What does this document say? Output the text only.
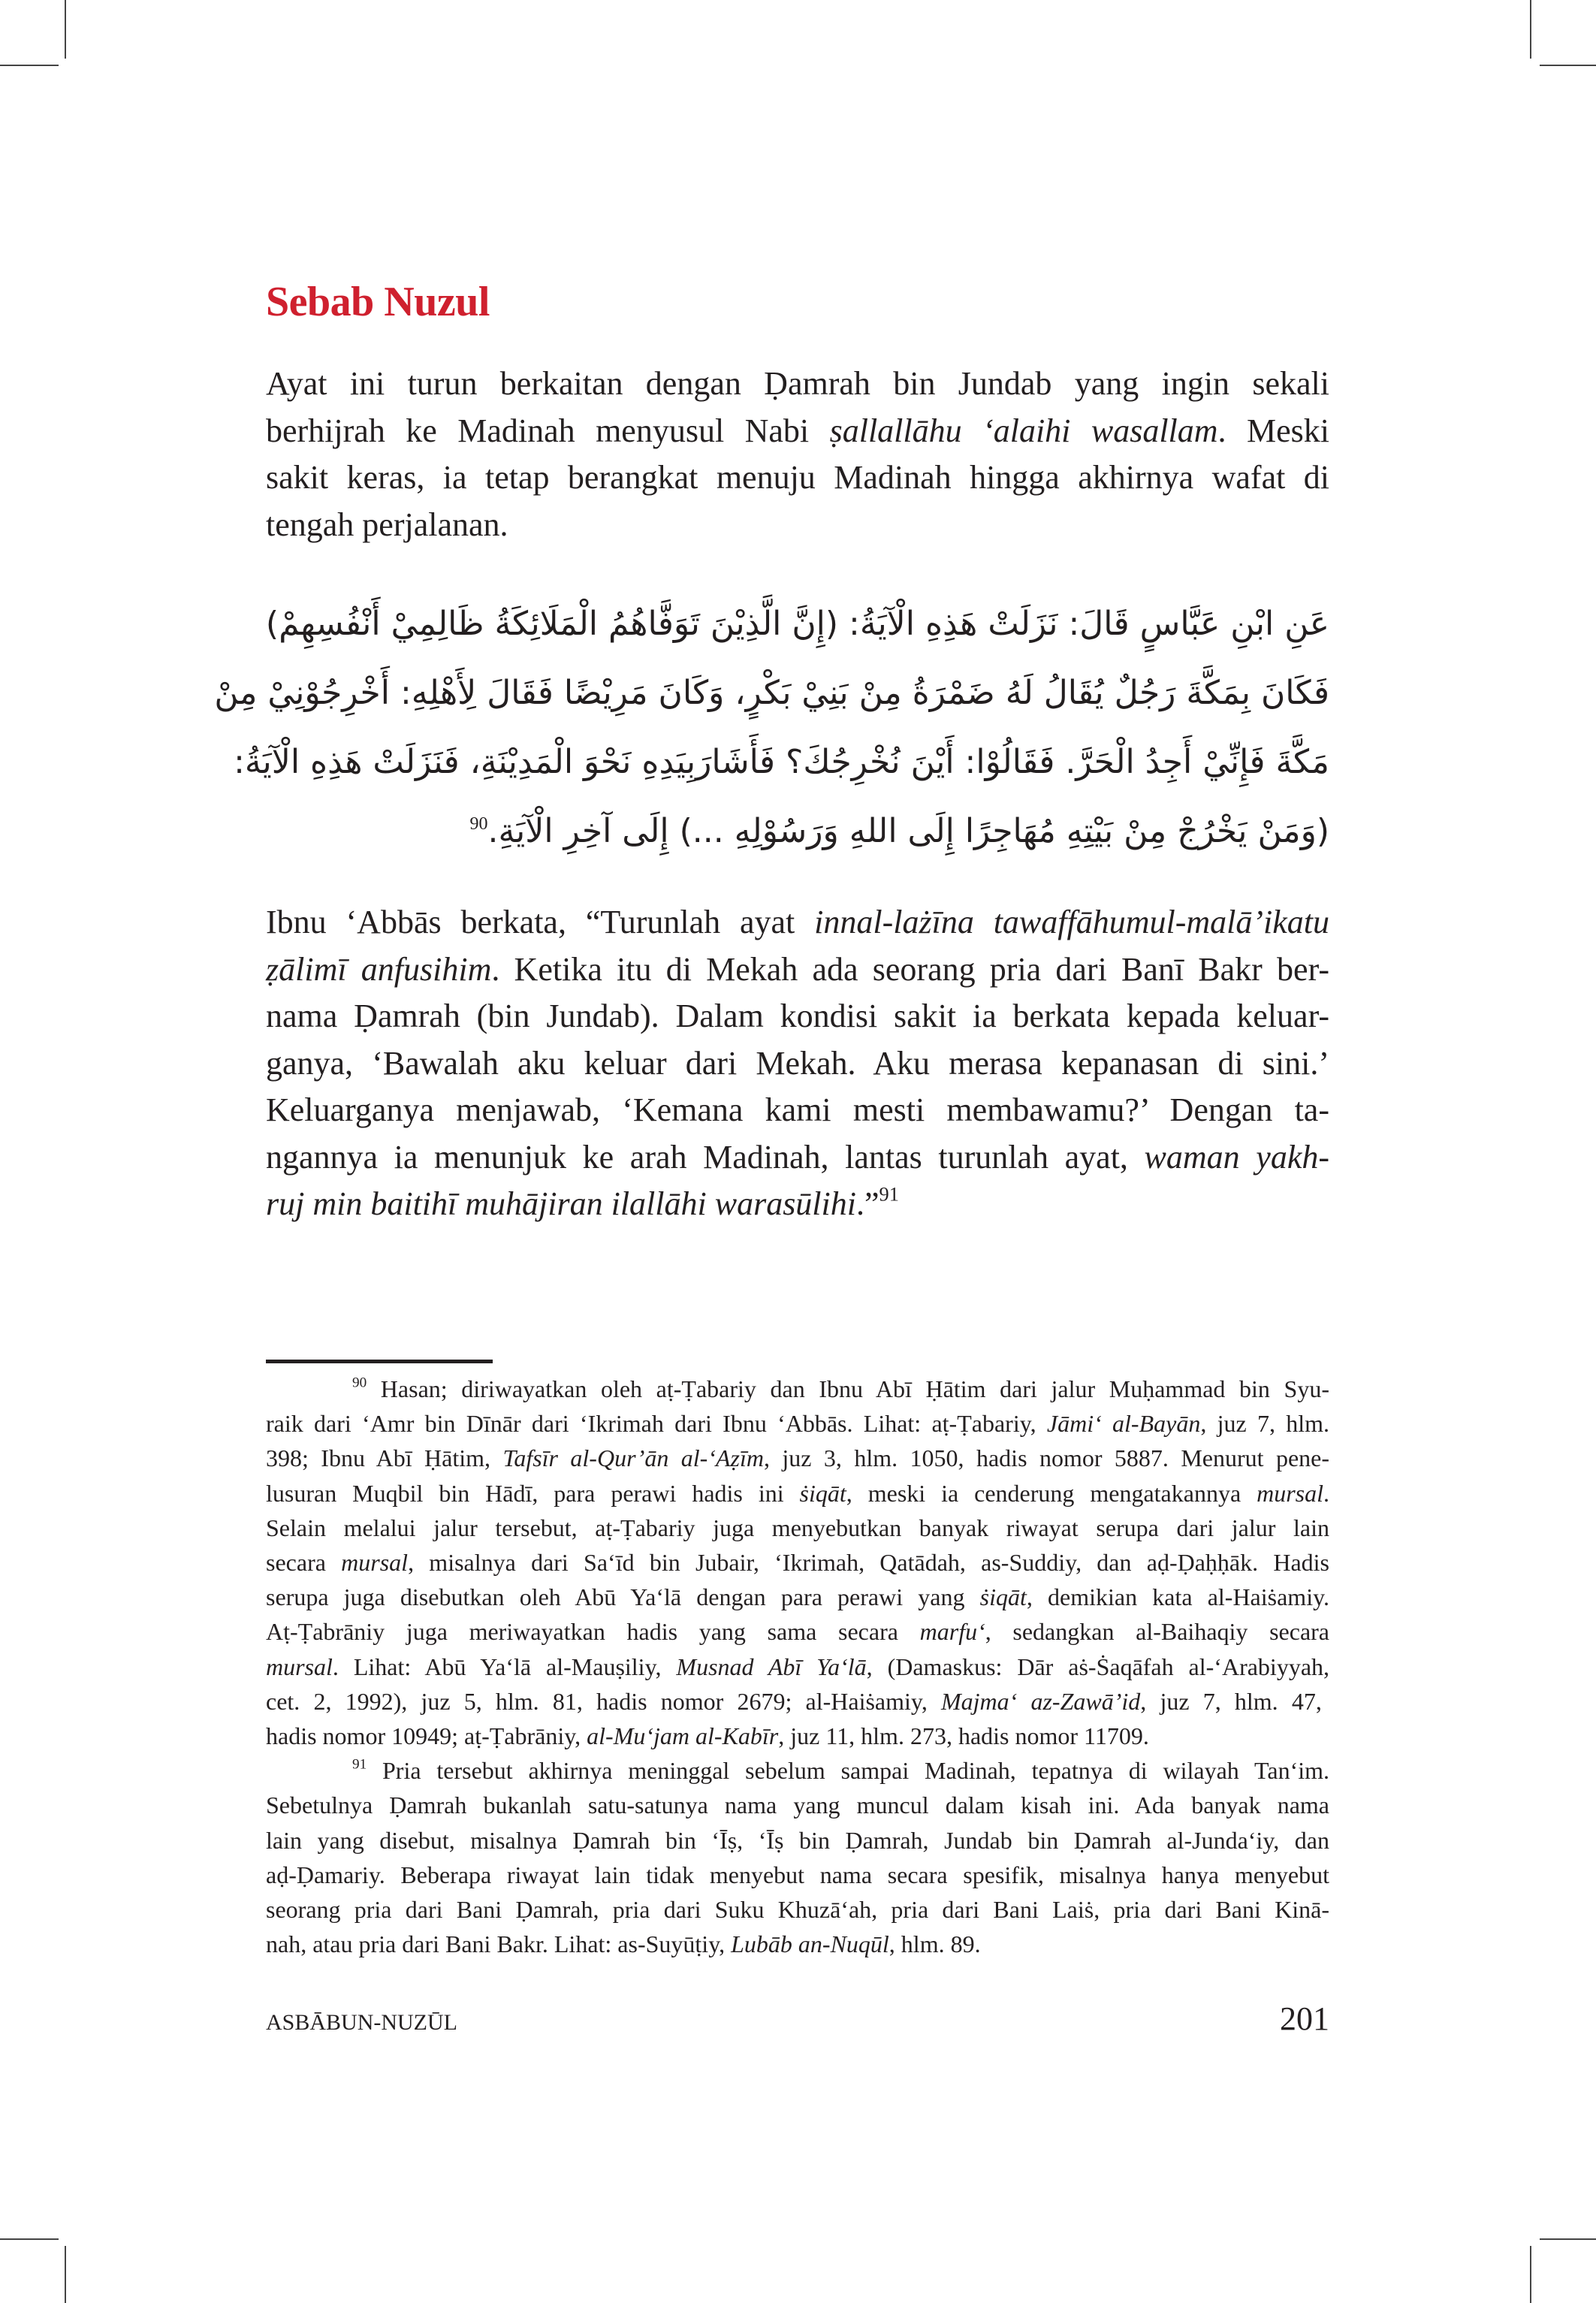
Sebab Nuzul
Ayat ini turun berkaitan dengan Ḍamrah bin Jundab yang ingin sekali
berhijrah ke Madinah menyusul Nabi ṣallallāhu ‘alaihi wasallam. Meski
sakit keras, ia tetap berangkat menuju Madinah hingga akhirnya wafat di
tengah perjalanan.
عَنِ ابْنِ عَبَّاسٍ قَالَ: نَزَلَتْ هَذِهِ الْآيَةُ: (إِنَّ الَّذِيْنَ تَوَفَّاهُمُ الْمَلَائِكَةُ ظَالِمِيْ أَنْفُسِهِمْ)
فَكَانَ بِمَكَّةَ رَجُلٌ يُقَالُ لَهُ ضَمْرَةُ مِنْ بَنِيْ بَكْرٍ، وَكَانَ مَرِيْضًا فَقَالَ لِأَهْلِهِ: أَخْرِجُوْنِيْ مِنْ
مَكَّةَ فَإِنِّيْ أَجِدُ الْحَرَّ. فَقَالُوْا: أَيْنَ نُخْرِجُكَ؟ فَأَشَارَبِيَدِهِ نَحْوَ الْمَدِيْنَةِ، فَنَزَلَتْ هَذِهِ الْآيَةُ:
(وَمَنْ يَخْرُجْ مِنْ بَيْتِهِ مُهَاجِرًا إِلَى اللهِ وَرَسُوْلِهِ ...) إِلَى آخِرِ الْآيَةِ.$^{90}$
Ibnu ‘Abbās berkata, “Turunlah ayat innal-lażīna tawaffāhumul-malā’ikatu
ẓālimī anfusihim. Ketika itu di Mekah ada seorang pria dari Banī Bakr ber-
nama Ḍamrah (bin Jundab). Dalam kondisi sakit ia berkata kepada keluar-
ganya, ‘Bawalah aku keluar dari Mekah. Aku merasa kepanasan di sini.’
Keluarganya menjawab, ‘Kemana kami mesti membawamu?’ Dengan ta-
ngannya ia menunjuk ke arah Madinah, lantas turunlah ayat, waman yakh-
ruj min baitihī muhājiran ilallāhi warasūlihi.”$^{91}$
$^{90}$ Hasan; diriwayatkan oleh aṭ-Ṭabariy dan Ibnu Abī Ḥātim dari jalur Muḥammad bin Syu-
raik dari ‘Amr bin Dīnār dari ‘Ikrimah dari Ibnu ‘Abbās. Lihat: aṭ-Ṭabariy, Jāmi‘ al-Bayān, juz 7, hlm.
398; Ibnu Abī Ḥātim, Tafsīr al-Qur’ān al-‘Aẓīm, juz 3, hlm. 1050, hadis nomor 5887. Menurut pene-
lusuran Muqbil bin Hādī, para perawi hadis ini ṡiqāt, meski ia cenderung mengatakannya mursal.
Selain melalui jalur tersebut, aṭ-Ṭabariy juga menyebutkan banyak riwayat serupa dari jalur lain
secara mursal, misalnya dari Sa‘īd bin Jubair, ‘Ikrimah, Qatādah, as-Suddiy, dan aḍ-Ḍaḥḥāk. Hadis
serupa juga disebutkan oleh Abū Ya‘lā dengan para perawi yang ṡiqāt, demikian kata al-Haiṡamiy.
Aṭ-Ṭabrāniy juga meriwayatkan hadis yang sama secara marfu‘, sedangkan al-Baihaqiy secara
mursal. Lihat: Abū Ya‘lā al-Mauṣiliy, Musnad Abī Ya‘lā, (Damaskus: Dār aṡ-Ṡaqāfah al-‘Arabiyyah,
cet. 2, 1992), juz 5, hlm. 81, hadis nomor 2679; al-Haiṡamiy, Majma‘ az-Zawā’id, juz 7, hlm. 47,
hadis nomor 10949; aṭ-Ṭabrāniy, al-Mu‘jam al-Kabīr, juz 11, hlm. 273, hadis nomor 11709.
$^{91}$ Pria tersebut akhirnya meninggal sebelum sampai Madinah, tepatnya di wilayah Tan‘im.
Sebetulnya Ḍamrah bukanlah satu-satunya nama yang muncul dalam kisah ini. Ada banyak nama
lain yang disebut, misalnya Ḍamrah bin ‘Īṣ, ‘Īṣ bin Ḍamrah, Jundab bin Ḍamrah al-Junda‘iy, dan
aḍ-Ḍamariy. Beberapa riwayat lain tidak menyebut nama secara spesifik, misalnya hanya menyebut
seorang pria dari Bani Ḍamrah, pria dari Suku Khuzā‘ah, pria dari Bani Laiṡ, pria dari Bani Kinā-
nah, atau pria dari Bani Bakr. Lihat: as-Suyūṭiy, Lubāb an-Nuqūl, hlm. 89.
ASBĀBUN-NUZŪL	201
